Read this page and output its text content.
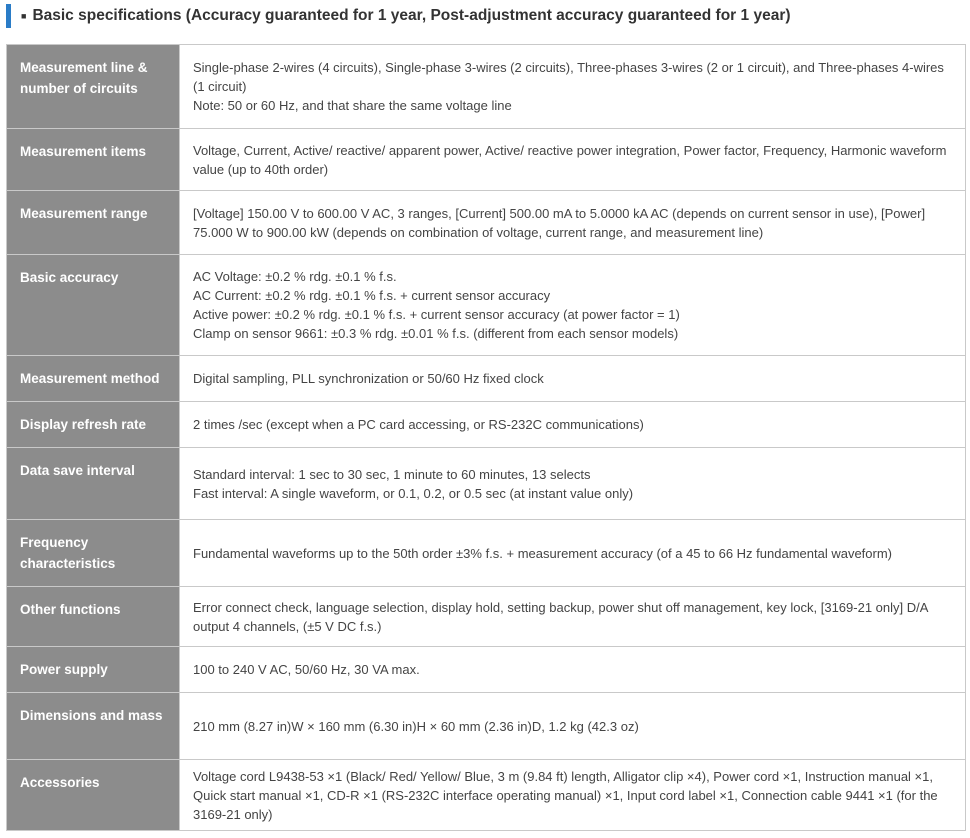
■ Basic specifications (Accuracy guaranteed for 1 year, Post-adjustment accuracy guaranteed for 1 year)
Measurement line & number of circuits	Single-phase 2-wires (4 circuits), Single-phase 3-wires (2 circuits), Three-phases 3-wires (2 or 1 circuit), and Three-phases 4-wires (1 circuit)
Note: 50 or 60 Hz, and that share the same voltage line

Measurement items	Voltage, Current, Active/ reactive/ apparent power, Active/ reactive power integration, Power factor, Frequency, Harmonic waveform value (up to 40th order)

Measurement range	[Voltage] 150.00 V to 600.00 V AC, 3 ranges, [Current] 500.00 mA to 5.0000 kA AC (depends on current sensor in use), [Power] 75.000 W to 900.00 kW (depends on combination of voltage, current range, and measurement line)

Basic accuracy	AC Voltage: ±0.2 % rdg. ±0.1 % f.s.
AC Current: ±0.2 % rdg. ±0.1 % f.s. + current sensor accuracy
Active power: ±0.2 % rdg. ±0.1 % f.s. + current sensor accuracy (at power factor = 1)
Clamp on sensor 9661: ±0.3 % rdg. ±0.01 % f.s. (different from each sensor models)

Measurement method	Digital sampling, PLL synchronization or 50/60 Hz fixed clock

Display refresh rate	2 times /sec (except when a PC card accessing, or RS-232C communications)

Data save interval	Standard interval: 1 sec to 30 sec, 1 minute to 60 minutes, 13 selects
Fast interval: A single waveform, or 0.1, 0.2, or 0.5 sec (at instant value only)

Frequency characteristics	Fundamental waveforms up to the 50th order ±3% f.s. + measurement accuracy (of a 45 to 66 Hz fundamental waveform)

Other functions	Error connect check, language selection, display hold, setting backup, power shut off management, key lock, [3169-21 only] D/A output 4 channels, (±5 V DC f.s.)

Power supply	100 to 240 V AC, 50/60 Hz, 30 VA max.

Dimensions and mass	210 mm (8.27 in)W × 160 mm (6.30 in)H × 60 mm (2.36 in)D, 1.2 kg (42.3 oz)

Accessories	Voltage cord L9438-53 ×1 (Black/ Red/ Yellow/ Blue, 3 m (9.84 ft) length, Alligator clip ×4), Power cord ×1, Instruction manual ×1, Quick start manual ×1, CD-R ×1 (RS-232C interface operating manual) ×1, Input cord label ×1, Connection cable 9441 ×1 (for the 3169-21 only)
